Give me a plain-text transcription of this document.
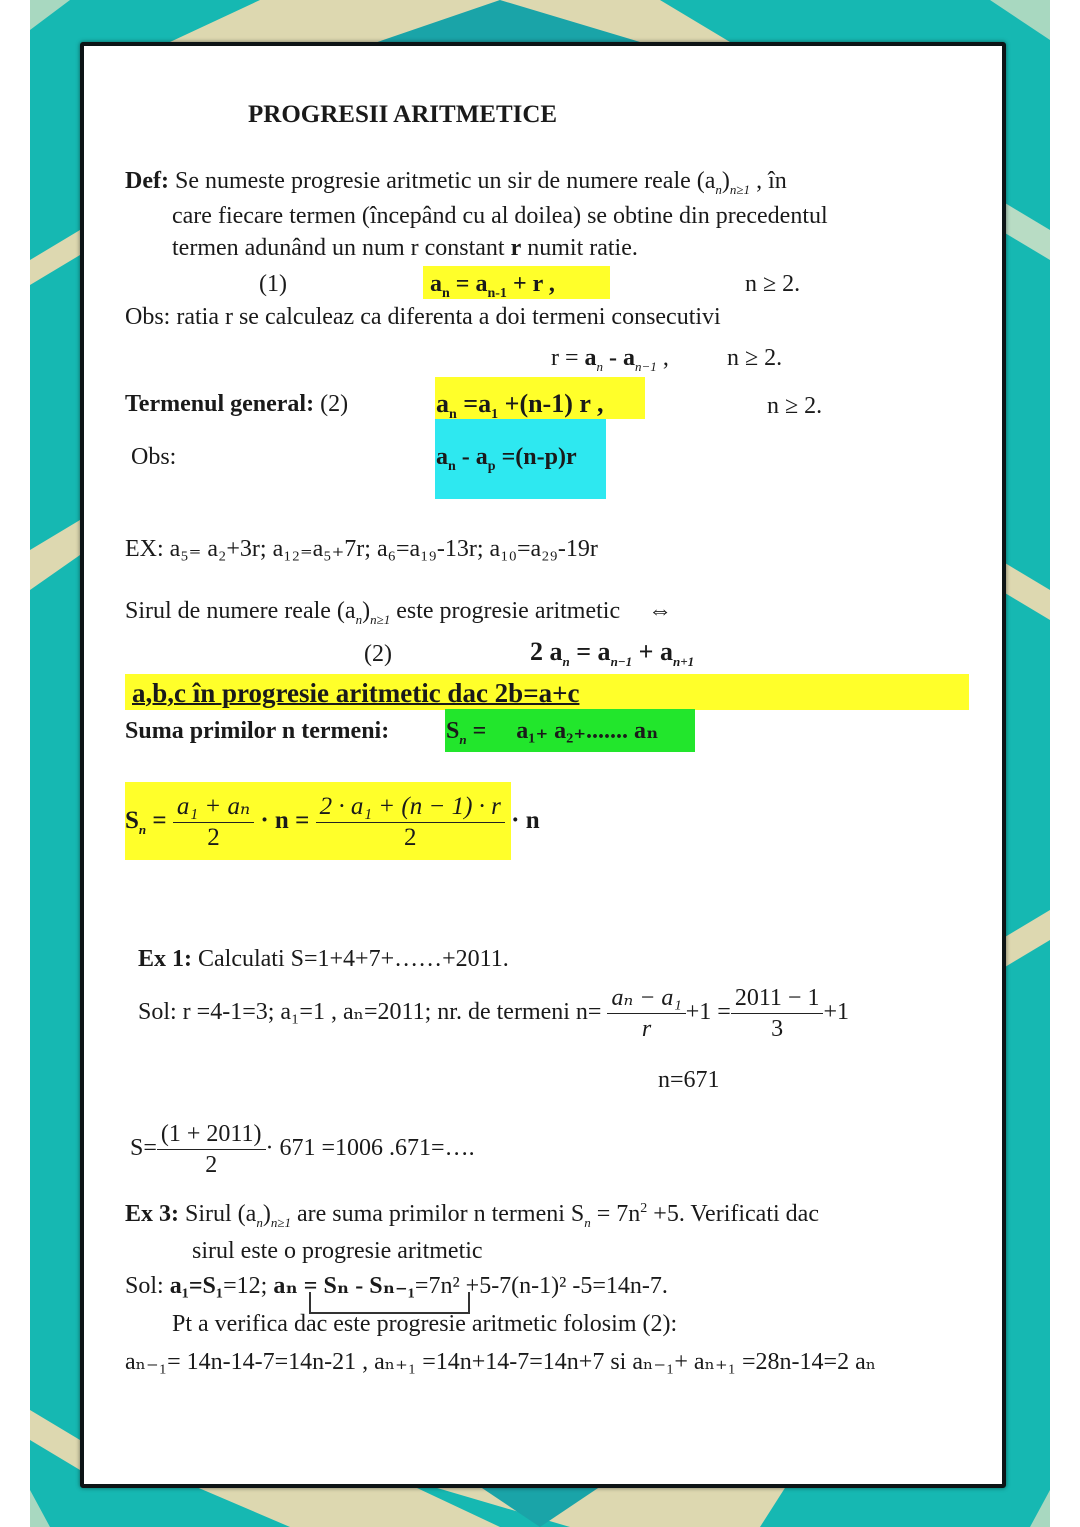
PROGRESII ARITMETICE
Def: Se numeste progresie aritmetic un sir de numere reale $(a_n)_{n\ge 1}$ , în
care fiecare termen (începând cu al doilea) se obtine din precedentul
termen adunând un num r constant r numit ratie.
(1)	$a_n = a_{n-1} + r$ ,	n ≥ 2.
Obs: ratia r se calculeaz ca diferenta a doi termeni consecutivi
$r = a_n - a_{n-1}$ , n ≥ 2.
Termenul general: (2)	$a_n =a_1 +(n-1)$ r ,	n ≥ 2.
Obs:	$a_n - a_p =(n-p)r$
EX: a₅₌ a₂+3r; a₁₂₌a₅₊7r; a₆=a₁₉-13r; a₁₀=a₂₉-19r
Sirul de numere reale $(a_n)_{n\ge 1}$ este progresie aritmetic ⇔
(2)	2 $a_n = a_{n-1} + a_{n+1}$
a,b,c în progresie aritmetic dac 2b=a+c
Suma primilor n termeni: $S_n = a_{1+}$ a₂₊....... aₙ
$S_n = \frac{\text{a₁ + aₙ}}{2} \cdot n = \frac{\text{2 · a₁ + (n − 1) · r}}{2} \cdot n$
Ex 1: Calculati S=1+4+7+……+2011.
Sol: r =4-1=3; a₁=1 , aₙ=2011; nr. de termeni $n= \frac{\text{aₙ − a₁}}{r} +1 = \frac{2011 - 1}{3} +1$
n=671
$S= \frac{(1 + 2011)}{2} \cdot 671 =1006$ .671=….
Ex 3: Sirul $(a_n)_{n\ge 1}$ are suma primilor n termeni $S_n = 7n^2 +5$. Verificati dac
sirul este o progresie aritmetic
Sol: a₁=S₁=12; aₙ = Sₙ - Sₙ₋₁=7n² +5-7(n-1)² -5=14n-7.
Pt a verifica dac este progresie aritmetic folosim (2):
aₙ₋₁= 14n-14-7=14n-21 , aₙ₊₁ =14n+14-7=14n+7 si aₙ₋₁+ aₙ₊₁ =28n-14=2 aₙ
